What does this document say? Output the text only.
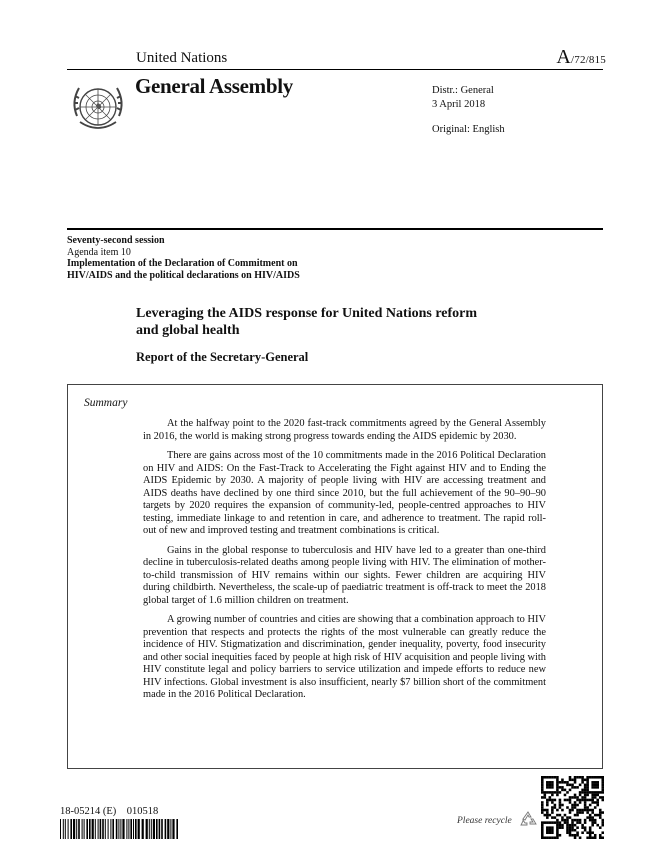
United Nations	A/72/815
General Assembly	Distr.: General
3 April 2018
Original: English
Seventy-second session
Agenda item 10
Implementation of the Declaration of Commitment on
HIV/AIDS and the political declarations on HIV/AIDS
Leveraging the AIDS response for United Nations reform
and global health
Report of the Secretary-General
Summary

At the halfway point to the 2020 fast-track commitments agreed by the General Assembly in 2016, the world is making strong progress towards ending the AIDS epidemic by 2030.

There are gains across most of the 10 commitments made in the 2016 Political Declaration on HIV and AIDS: On the Fast-Track to Accelerating the Fight against HIV and to Ending the AIDS Epidemic by 2030. A majority of people living with HIV are accessing treatment and AIDS deaths have declined by one third since 2010, but the full achievement of the 90–90–90 targets by 2020 requires the expansion of community-led, people-centred approaches to HIV testing, immediate linkage to and retention in care, and adherence to treatment. The rapid roll-out of new and improved testing and treatment combinations is critical.

Gains in the global response to tuberculosis and HIV have led to a greater than one-third decline in tuberculosis-related deaths among people living with HIV. The elimination of mother-to-child transmission of HIV remains within our sights. Fewer children are acquiring HIV during childbirth. Nevertheless, the scale-up of paediatric treatment is off-track to meet the 2018 global target of 1.6 million children on treatment.

A growing number of countries and cities are showing that a combination approach to HIV prevention that respects and protects the rights of the most vulnerable can greatly reduce the incidence of HIV. Stigmatization and discrimination, gender inequality, poverty, food insecurity and other social inequities faced by people at high risk of HIV acquisition and people living with HIV constitute legal and policy barriers to service utilization and impede efforts to reduce new HIV infections. Global investment is also insufficient, nearly $7 billion short of the commitment made in the 2016 Political Declaration.

18-05214 (E)    010518
Please recycle
